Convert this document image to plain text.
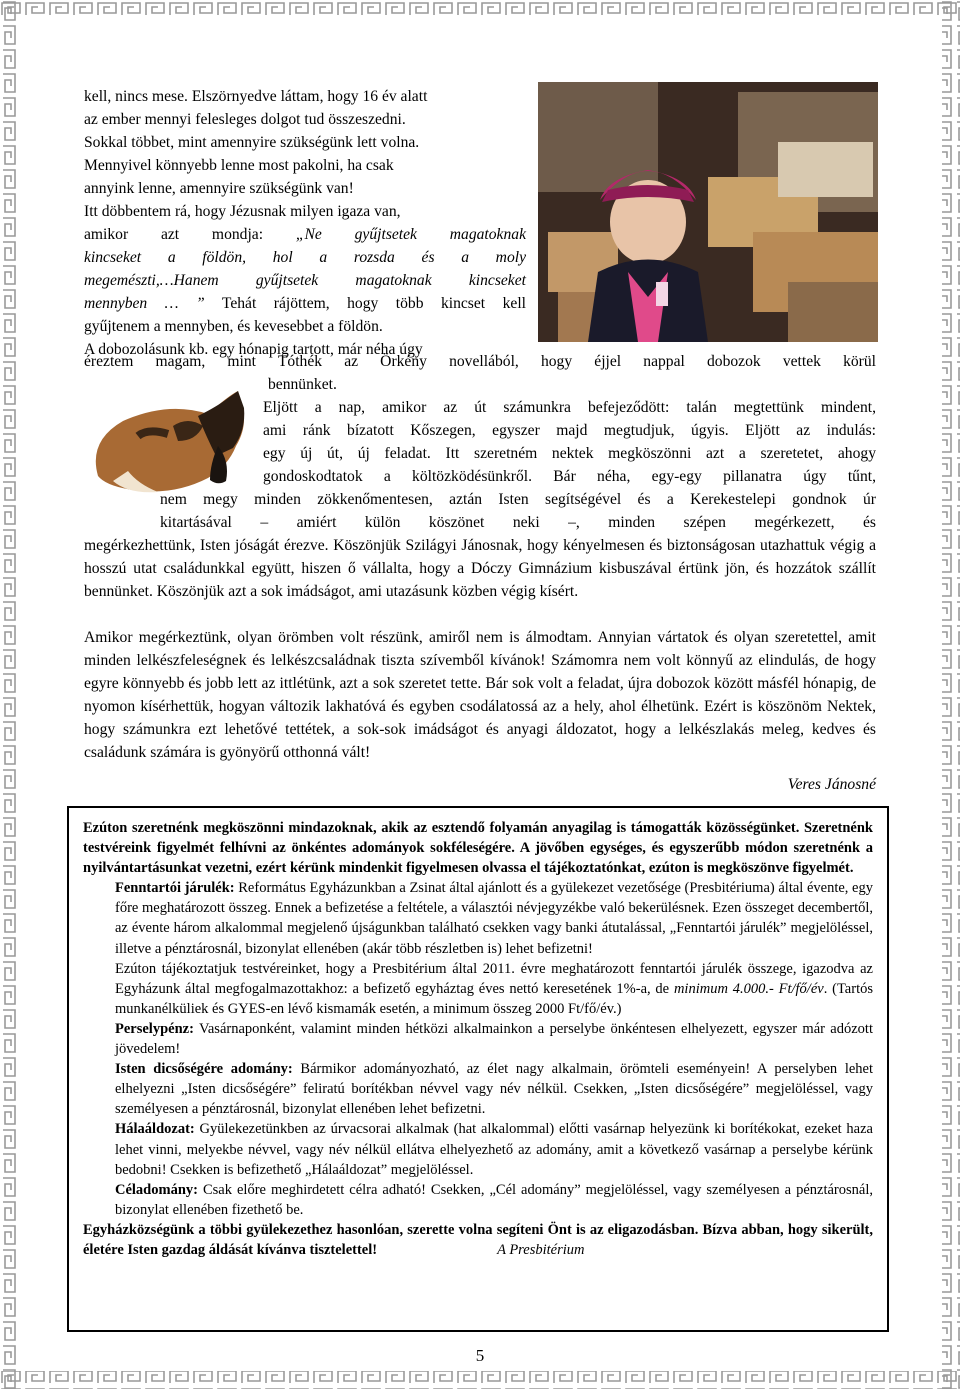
kell, nincs mese. Elszörnyedve láttam, hogy 16 év alatt
az ember mennyi felesleges dolgot tud összeszedni.
Sokkal többet, mint amennyire szükségünk lett volna.
Mennyivel könnyebb lenne most pakolni, ha csak
annyink lenne, amennyire szükségünk van!
Itt döbbentem rá, hogy Jézusnak milyen igaza van,
amikor azt mondja: „Ne gyűjtsetek magatoknak
kincseket a földön, hol a rozsda és a moly
megemészti,…Hanem gyűjtsetek magatoknak kincseket
mennyben … ” Tehát rájöttem, hogy több kincset kell
gyűjtenem a mennyben, és kevesebbet a földön.
A dobozolásunk kb. egy hónapig tartott, már néha úgy
éreztem magam, mint Tóthék az Örkény novellából, hogy éjjel nappal dobozok vettek körül
bennünket.
Eljött a nap, amikor az út számunkra befejeződött: talán megtettünk mindent,
ami ránk bízatott Kőszegen, egyszer majd megtudjuk, úgyis. Eljött az indulás:
egy új út, új feladat. Itt szeretném nektek megköszönni azt a szeretetet, ahogy
gondoskodtatok a költözködésünkről. Bár néha, egy-egy pillanatra úgy tűnt,
nem megy minden zökkenőmentesen, aztán Isten segítségével és a Kerekestelepi gondnok úr
kitartásával – amiért külön köszönet neki –, minden szépen megérkezett, és
megérkezhettünk, Isten jóságát érezve. Köszönjük Szilágyi Jánosnak, hogy kényelmesen és biztonságosan utazhattuk végig a hosszú utat családunkkal együtt, hiszen ő vállalta, hogy a Dóczy Gimnázium kisbuszával értünk jön, és hozzátok szállít bennünket. Köszönjük azt a sok imádságot, ami utazásunk közben végig kísért.
Amikor megérkeztünk, olyan örömben volt részünk, amiről nem is álmodtam. Annyian vártatok és olyan szeretettel, amit minden lelkészfeleségnek és lelkészcsaládnak tiszta szívemből kívánok! Számomra nem volt könnyű az elindulás, de hogy egyre könnyebb és jobb lett az ittlétünk, azt a sok szeretet tette. Bár sok volt a feladat, újra dobozok között másfél hónapig, de nyomon kísérhettük, hogyan változik lakhatóvá és egyben csodálatossá az a hely, ahol élhetünk. Ezért is köszönöm Nektek, hogy számunkra ezt lehetővé tettétek, a sok-sok imádságot és anyagi áldozatot, hogy a lelkészlakás meleg, kedves és családunk számára is gyönyörű otthonná vált!
Veres Jánosné

Ezúton szeretnénk megköszönni mindazoknak, akik az esztendő folyamán anyagilag is támogatták közösségünket. Szeretnénk testvéreink figyelmét felhívni az önkéntes adományok sokféleségére. A jövőben egységes, és egyszerűbb módon szeretnénk a nyilvántartásunkat vezetni, ezért kérünk mindenkit figyelmesen olvassa el tájékoztatónkat, ezúton is megköszönve figyelmét.

Fenntartói járulék: Református Egyházunkban a Zsinat által ajánlott és a gyülekezet vezetősége (Presbitériuma) által évente, egy főre meghatározott összeg. Ennek a befizetése a feltétele, a választói névjegyzékbe való bekerülésnek. Ezen összeget decembertől, az évente három alkalommal megjelenő újságunkban található csekken vagy banki átutalással, „Fenntartói járulék” megjelöléssel, illetve a pénztárosnál, bizonylat ellenében (akár több részletben is) lehet befizetni!

Ezúton tájékoztatjuk testvéreinket, hogy a Presbitérium által 2011. évre meghatározott fenntartói járulék összege, igazodva az Egyházunk által megfogalmazottakhoz: a befizető egyháztag éves nettó keresetének 1%-a, de minimum 4.000.- Ft/fő/év. (Tartós munkanélküliek és GYES-en lévő kismamák esetén, a minimum összeg 2000 Ft/fő/év.)

Perselypénz: Vasárnaponként, valamint minden hétközi alkalmainkon a perselybe önkéntesen elhelyezett, egyszer már adózott jövedelem!

Isten dicsőségére adomány: Bármikor adományozható, az élet nagy alkalmain, örömteli eseményein! A perselyben lehet elhelyezni „Isten dicsőségére” feliratú borítékban névvel vagy név nélkül. Csekken, „Isten dicsőségére” megjelöléssel, vagy személyesen a pénztárosnál, bizonylat ellenében lehet befizetni.

Hálaáldozat: Gyülekezetünkben az úrvacsorai alkalmak (hat alkalommal) előtti vasárnap helyezünk ki borítékokat, ezeket haza lehet vinni, melyekbe névvel, vagy név nélkül ellátva elhelyezhető az adomány, amit a következő vasárnap a perselybe kérünk bedobni! Csekken is befizethető „Hálaáldozat” megjelöléssel.

Céladomány: Csak előre meghirdetett célra adható! Csekken, „Cél adomány” megjelöléssel, vagy személyesen a pénztárosnál, bizonylat ellenében fizethető be.

Egyházközségünk a többi gyülekezethez hasonlóan, szerette volna segíteni Önt is az eligazodásban. Bízva abban, hogy sikerült, életére Isten gazdag áldását kívánva tisztelettel!	A Presbitérium

5
